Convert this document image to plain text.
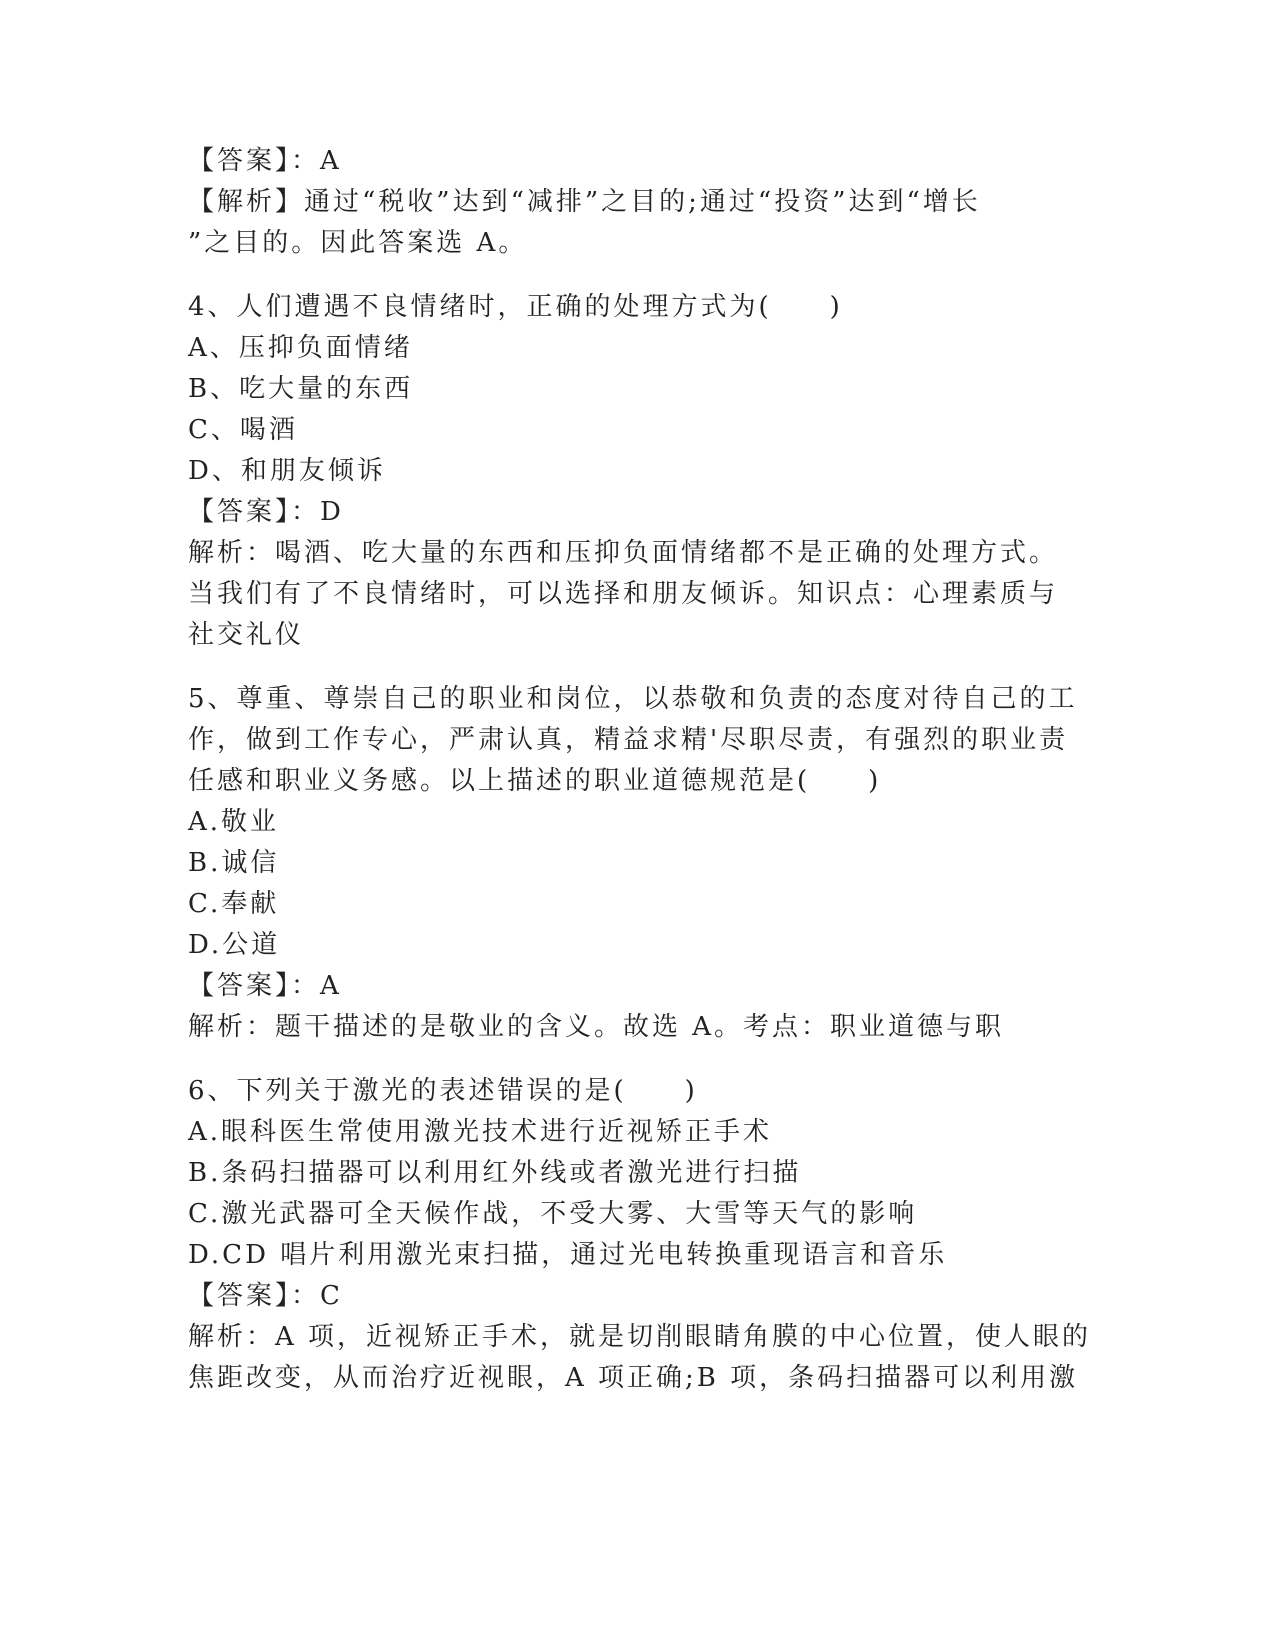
【答案】：A
【解析】通过“税收”达到“减排”之目的;通过“投资”达到“增长
”之目的。因此答案选 A。
4、人们遭遇不良情绪时，正确的处理方式为(　　)
A、压抑负面情绪
B、吃大量的东西
C、喝酒
D、和朋友倾诉
【答案】：D
解析：喝酒、吃大量的东西和压抑负面情绪都不是正确的处理方式。
当我们有了不良情绪时，可以选择和朋友倾诉。知识点：心理素质与
社交礼仪
5、尊重、尊崇自己的职业和岗位，以恭敬和负责的态度对待自己的工
作，做到工作专心，严肃认真，精益求精'尽职尽责，有强烈的职业责
任感和职业义务感。以上描述的职业道德规范是(　　)
A.敬业
B.诚信
C.奉献
D.公道
【答案】：A
解析：题干描述的是敬业的含义。故选 A。考点：职业道德与职
6、下列关于激光的表述错误的是(　　)
A.眼科医生常使用激光技术进行近视矫正手术
B.条码扫描器可以利用红外线或者激光进行扫描
C.激光武器可全天候作战，不受大雾、大雪等天气的影响
D.CD 唱片利用激光束扫描，通过光电转换重现语言和音乐
【答案】：C
解析：A 项，近视矫正手术，就是切削眼睛角膜的中心位置，使人眼的
焦距改变，从而治疗近视眼，A 项正确;B 项，条码扫描器可以利用激
